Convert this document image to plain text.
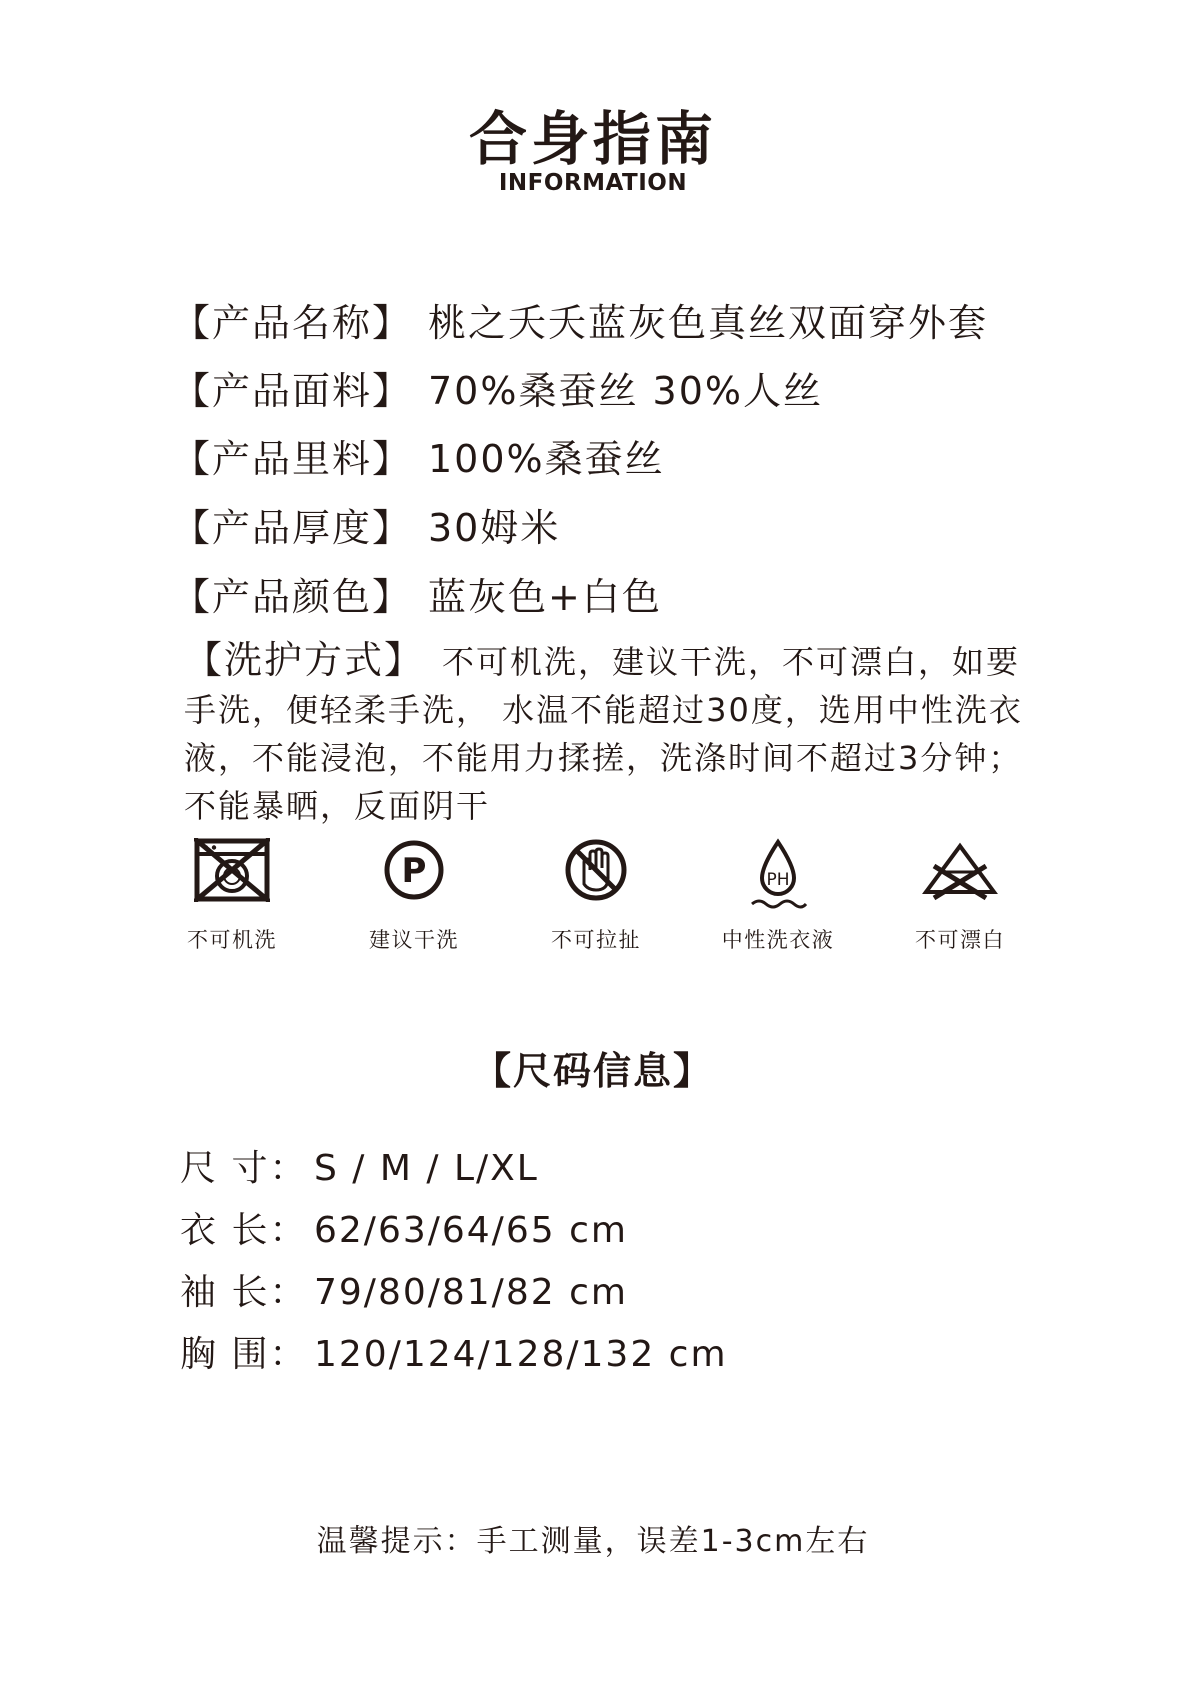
合身指南
INFORMATION
【产品名称】 桃之夭夭蓝灰色真丝双面穿外套
【产品面料】 70%桑蚕丝 30%人丝
【产品里料】 100%桑蚕丝
【产品厚度】 30姆米
【产品颜色】 蓝灰色+白色
【洗护方式】 不可机洗，建议干洗，不可漂白，如要手洗，便轻柔手洗， 水温不能超过30度，选用中性洗衣液，不能浸泡，不能用力揉搓，洗涤时间不超过3分钟；不能暴晒，反面阴干
不可机洗
P
建议干洗	不可拉扯
PH
中性洗衣液	不可漂白
【尺码信息】
尺 寸： S / M / L/XL
衣 长： 62/63/64/65 cm
袖 长： 79/80/81/82 cm
胸 围： 120/124/128/132 cm
温馨提示：手工测量，误差1-3cm左右
